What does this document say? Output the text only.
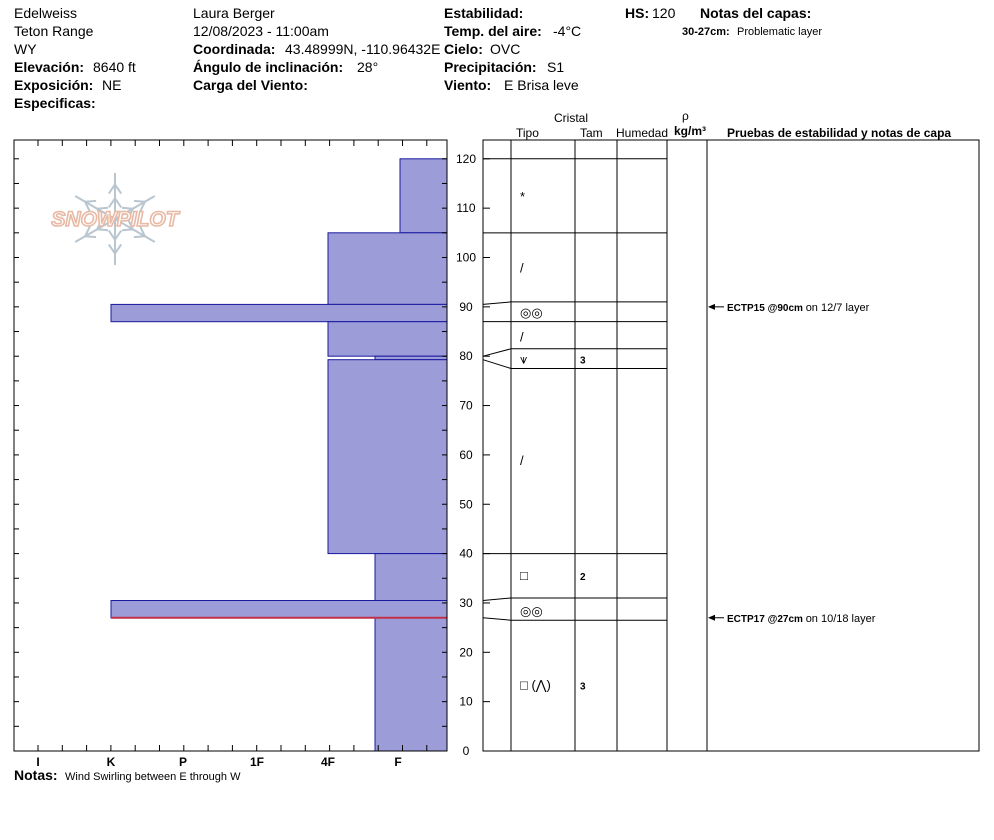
Edelweiss
Teton Range
WY
Elevación: 8640 ft
Exposición: NE
Especificas:
Laura Berger
12/08/2023 - 11:00am
Coordinada: 43.48999N, -110.96432E
Ángulo de inclinación: 28°
Carga del Viento:
Estabilidad:
Temp. del aire: -4°C
Cielo: OVC
Precipitación: S1
Viento: E Brisa leve
HS: 120 Notas del capas:
30-27cm: Problematic layer
Cristal
Tipo	Tam Humedad
ρ
kg/m³ Pruebas de estabilidad y notas de capa
SNOWPILOT
120
110
100
90
80
70
60
50
40
30
20
10
0
I	K	P	1F	4F	F
*
/
◎◎
/
⩛	3
/
□	2
◎◎
□ (⋀)	3
ECTP15 @90cm on 12/7 layer
ECTP17 @27cm on 10/18 layer
Notas: Wind Swirling between E through W
